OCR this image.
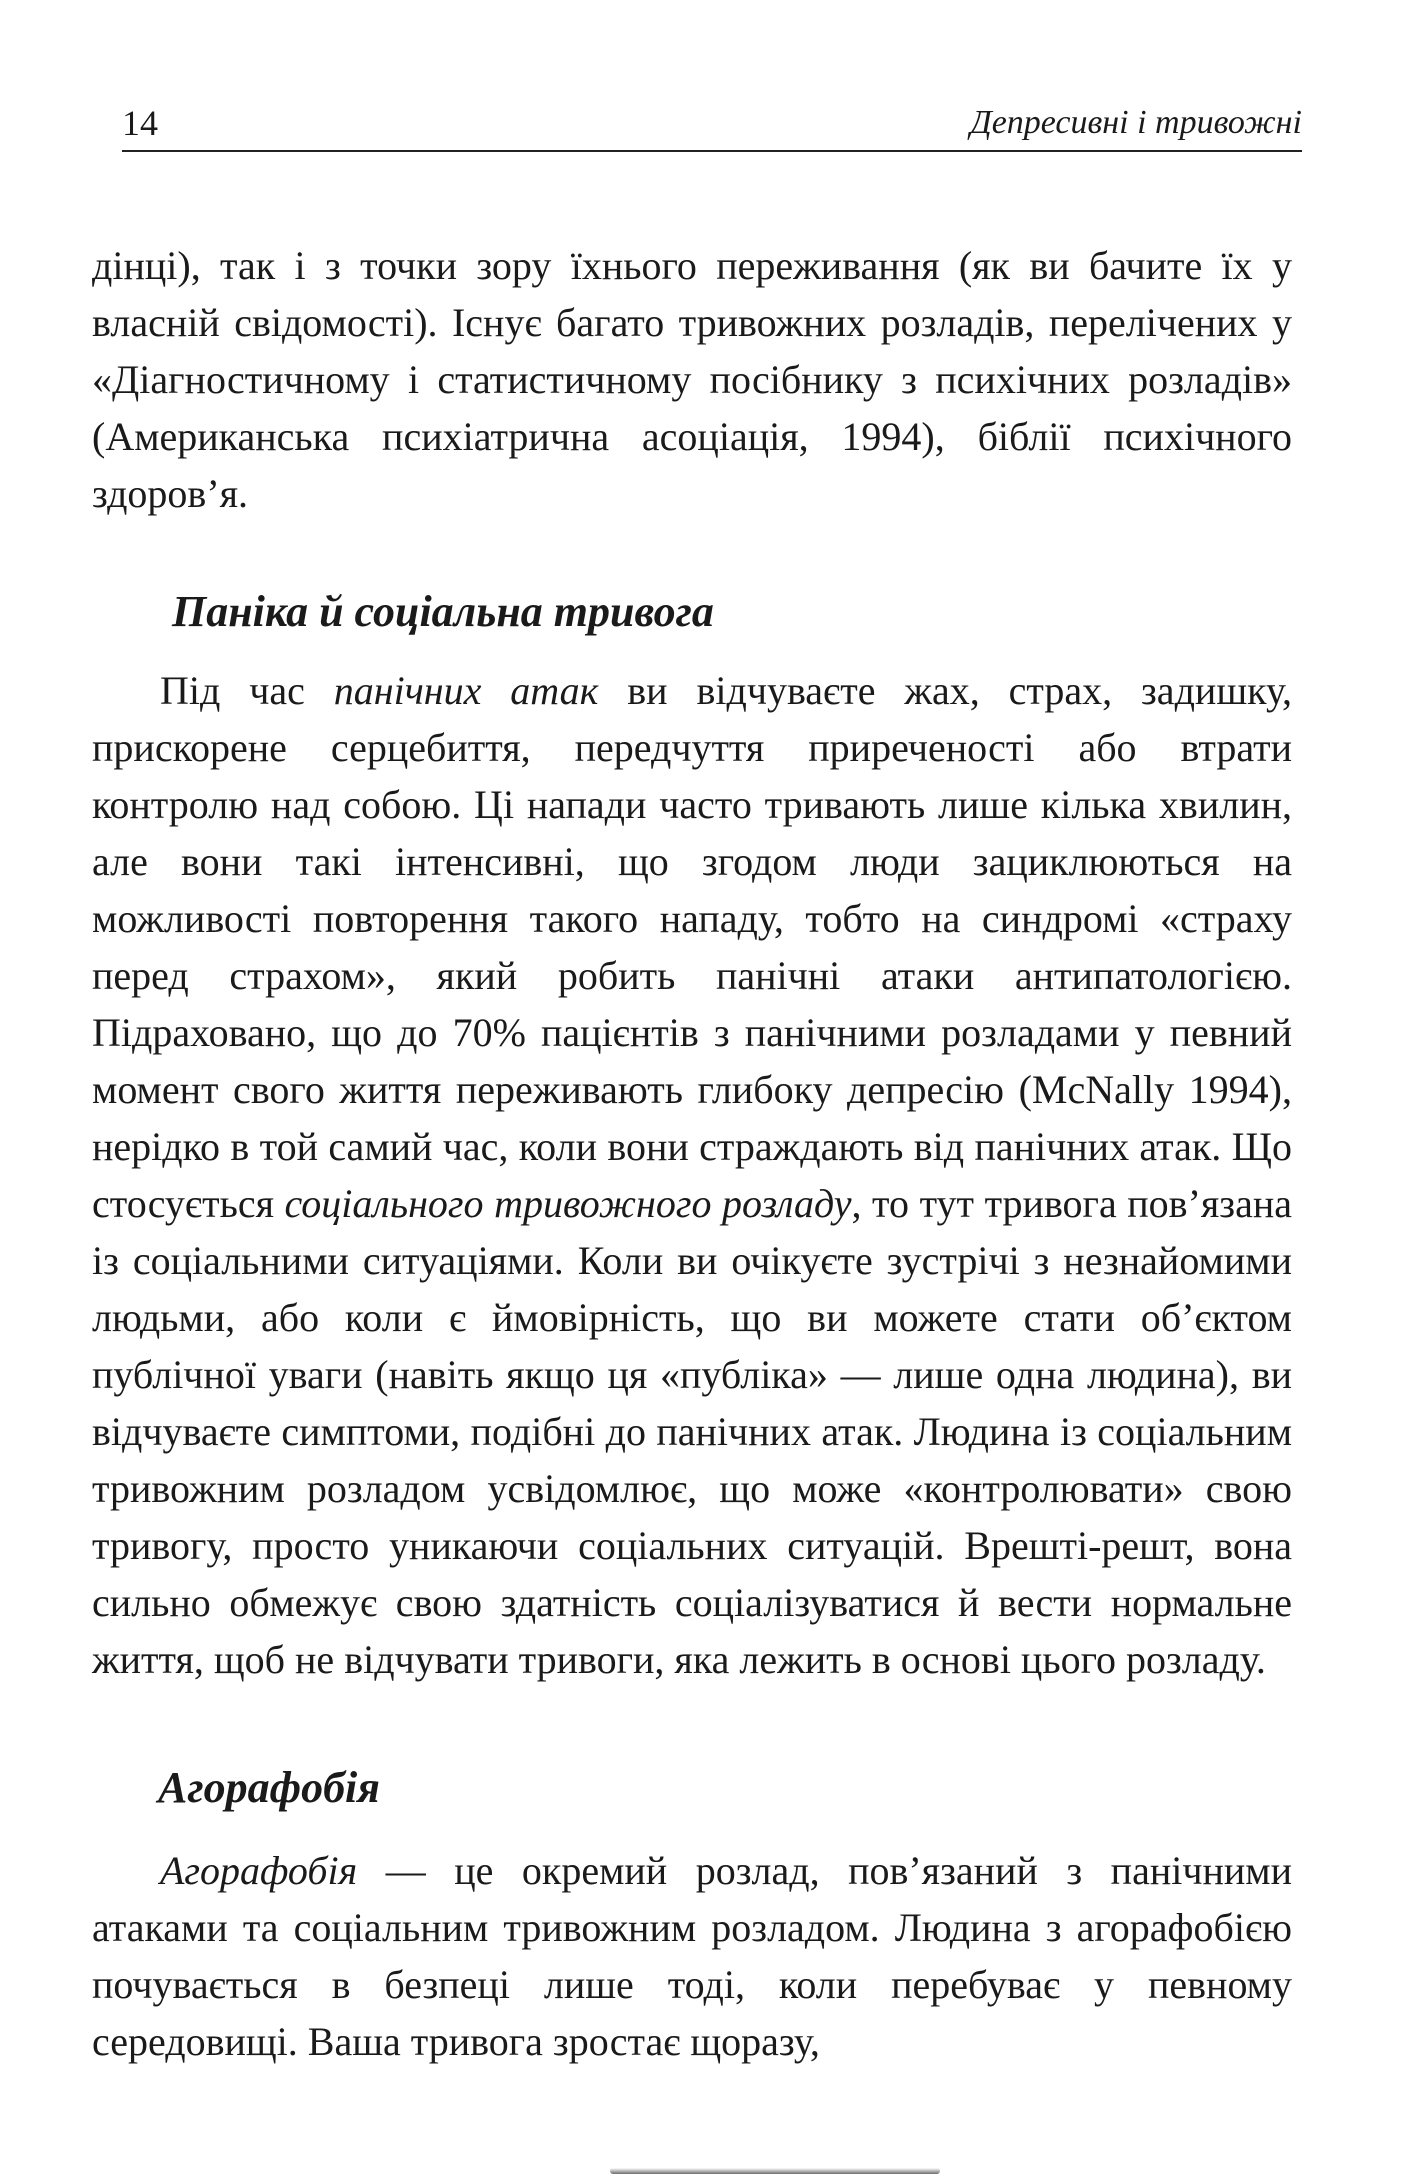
14	Депресивні і тривожні

дінці), так і з точки зору їхнього переживання (як ви бачите їх у власній свідомості). Існує багато тривожних розладів, перелічених у «Діагностичному і статистичному посібнику з психічних розладів» (Американська психіатрична асоціація, 1994), біблії психічного здоров’я.

Паніка й соціальна тривога

Під час панічних атак ви відчуваєте жах, страх, задишку, прискорене серцебиття, передчуття приреченості або втрати контролю над собою. Ці напади часто тривають лише кілька хвилин, але вони такі інтенсивні, що згодом люди зациклюються на можливості повторення такого нападу, тобто на синдромі «страху перед страхом», який робить панічні атаки антипатологією. Підраховано, що до 70% пацієнтів з панічними розладами у певний момент свого життя переживають глибоку депресію (McNally 1994), нерідко в той самий час, коли вони страждають від панічних атак. Що стосується соціального тривожного розладу, то тут тривога пов’язана із соціальними ситуаціями. Коли ви очікуєте зустрічі з незнайомими людьми, або коли є ймовірність, що ви можете стати об’єктом публічної уваги (навіть якщо ця «публіка» — лише одна людина), ви відчуваєте симптоми, подібні до панічних атак. Людина із соціальним тривожним розладом усвідомлює, що може «контролювати» свою тривогу, просто уникаючи соціальних ситуацій. Врешті-решт, вона сильно обмежує свою здатність соціалізуватися й вести нормальне життя, щоб не відчувати тривоги, яка лежить в основі цього розладу.

Агорафобія

Агорафобія — це окремий розлад, пов’язаний з панічними атаками та соціальним тривожним розладом. Людина з агорафобією почувається в безпеці лише тоді, коли перебуває у певному середовищі. Ваша тривога зростає щоразу,
